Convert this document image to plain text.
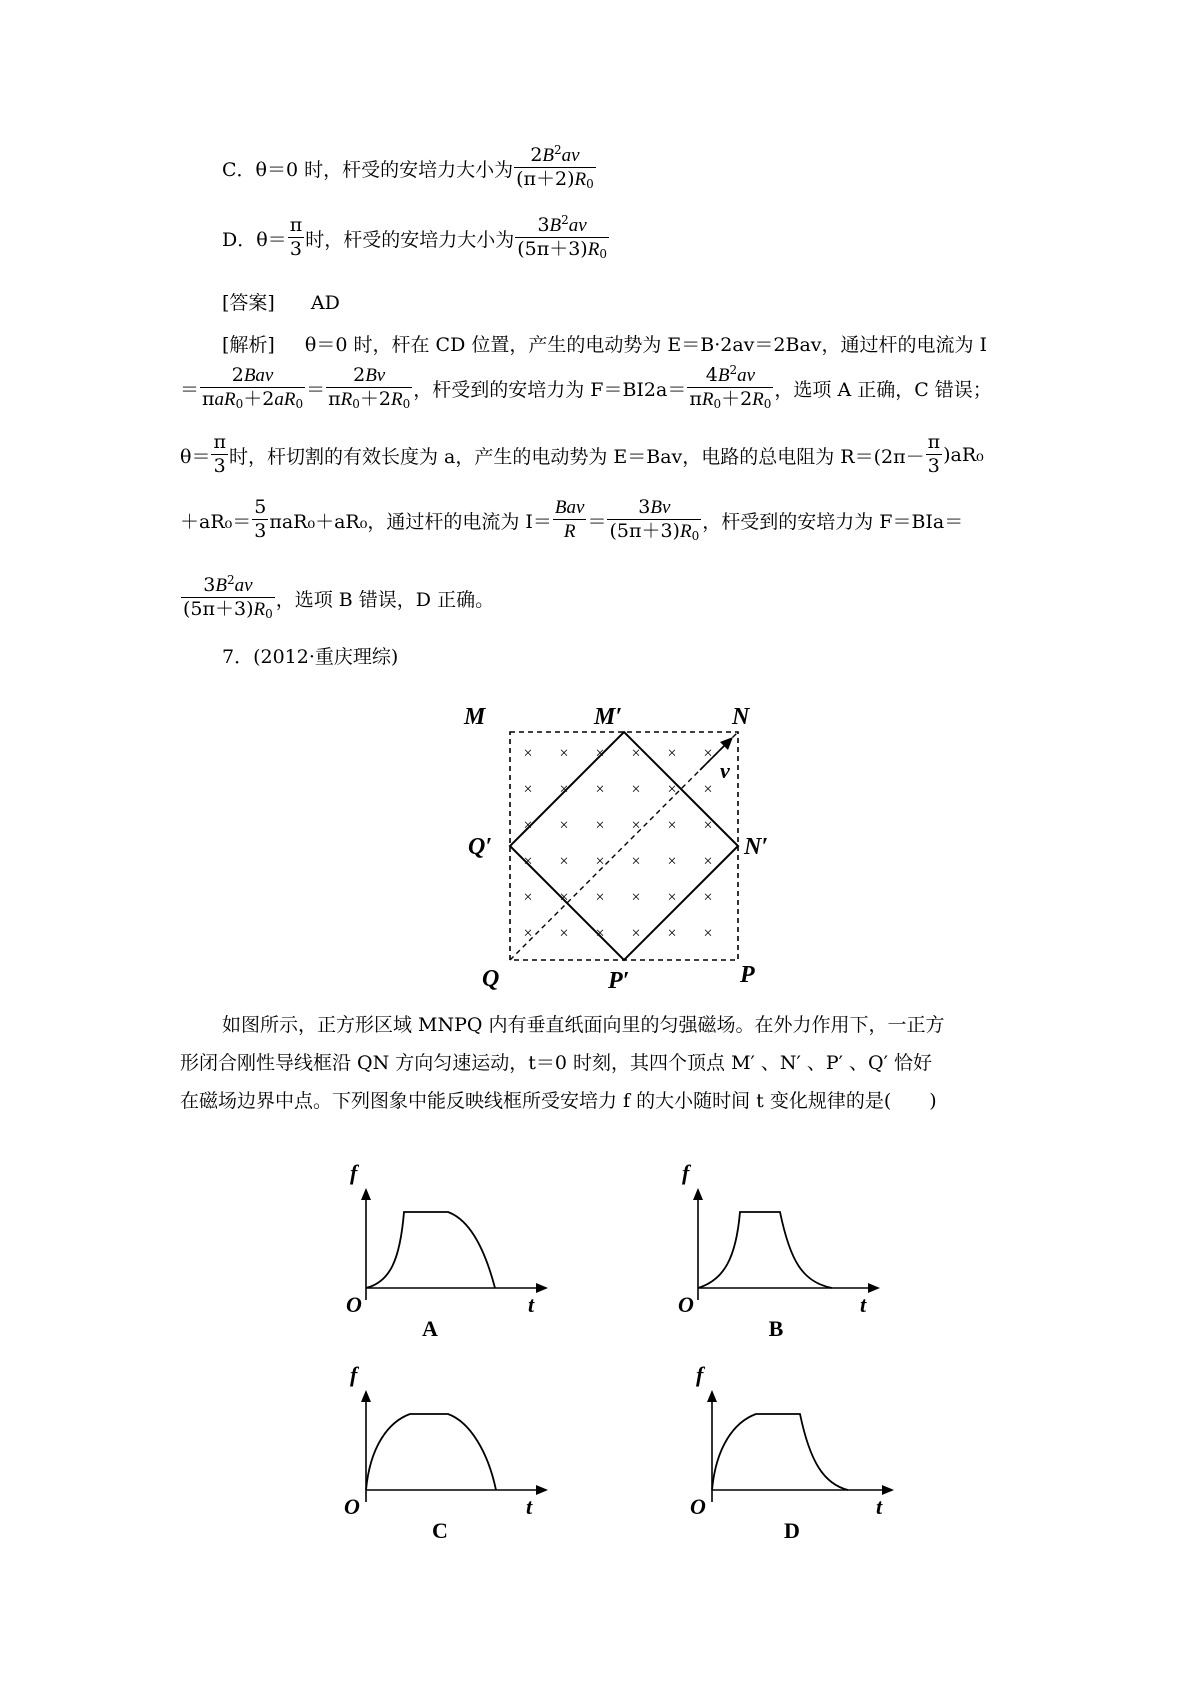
C． θ＝0 时，杆受的安培力大小为 $\frac{2B^2av}{(\pi+2)R_0}$
D． $\theta= \frac{\pi}{3}$ 时，杆受的安培力大小为 $\frac{3B^2av}{(5\pi+3)R_0}$
[答案] AD
[解析] θ＝0 时，杆在 CD 位置，产生的电动势为 E＝B·2av＝2Bav，通过杆的电流为 I
＝ $\frac{\text{2Bav}}{\pi aR_0+2aR_0} = \frac{2Bv}{\pi R_0+2R_0}$ ，杆受到的安培力为 $F=BI2a= \frac{4B^2av}{\pi R_0+2R_0}$ ，选项 A 正确，C 错误；
$\theta= \frac{\pi}{3}$ 时，杆切割的有效长度为 a，产生的电动势为 E＝Bav，电路的总电阻为 $R=(2\pi- \frac{\pi}{3} )aR_0$
$+aR_0= \frac{5}{3} \pi aR_0+aR_0$，通过杆的电流为 $I= \frac{\text{Bav}}{R} = \frac{3Bv}{(5\pi+3)R_0}$ ，杆受到的安培力为 F＝BIa＝
$\frac{3B^2av}{(5\pi+3)R_0}$ ，选项 B 错误，D 正确。
7．(2012·重庆理综)
× × × × × ×
× × × × × ×
× × × × × ×
× × × × × ×
× × × × × ×
× × × × × ×
M	M′	N
v
Q′	N′
Q	P′	P
如图所示，正方形区域 MNPQ 内有垂直纸面向里的匀强磁场。在外力作用下，一正方
形闭合刚性导线框沿 QN 方向匀速运动，t＝0 时刻，其四个顶点 M′ 、N′ 、P′ 、Q′ 恰好
在磁场边界中点。下列图象中能反映线框所受安培力 f 的大小随时间 t 变化规律的是(　　)
f
t
O
A
f
t
O
B
f
t
O
C
f
t
O
D
